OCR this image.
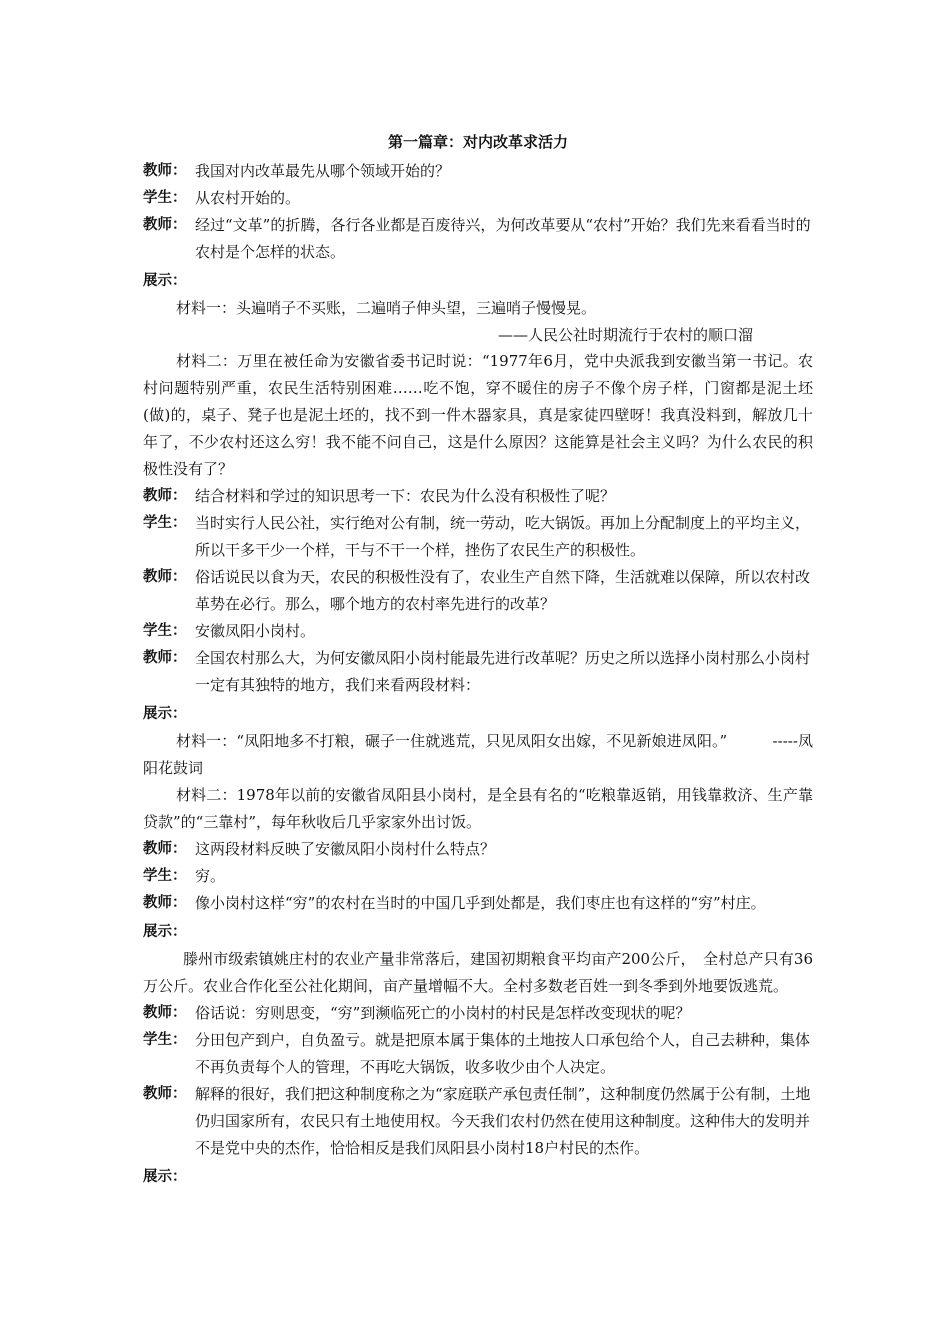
第一篇章：对内改革求活力

教师： 我国对内改革最先从哪个领域开始的？

学生： 从农村开始的。

教师： 经过“文革”的折腾，各行各业都是百废待兴，为何改革要从“农村”开始？我们先来看看当时的农村是个怎样的状态。

展示：

材料一：头遍哨子不买账，二遍哨子伸头望，三遍哨子慢慢晃。

——人民公社时期流行于农村的顺口溜

材料二：万里在被任命为安徽省委书记时说：“1977年6月，党中央派我到安徽当第一书记。农村问题特别严重，农民生活特别困难……吃不饱，穿不暖住的房子不像个房子样，门窗都是泥土坯(做)的，桌子、凳子也是泥土坯的，找不到一件木器家具，真是家徒四壁呀！我真没料到，解放几十年了，不少农村还这么穷！我不能不问自己，这是什么原因？这能算是社会主义吗？为什么农民的积极性没有了？

教师： 结合材料和学过的知识思考一下：农民为什么没有积极性了呢？

学生： 当时实行人民公社，实行绝对公有制，统一劳动，吃大锅饭。再加上分配制度上的平均主义，所以干多干少一个样，干与不干一个样，挫伤了农民生产的积极性。

教师： 俗话说民以食为天，农民的积极性没有了，农业生产自然下降，生活就难以保障，所以农村改革势在必行。那么，哪个地方的农村率先进行的改革？

学生： 安徽凤阳小岗村。

教师： 全国农村那么大，为何安徽凤阳小岗村能最先进行改革呢？历史之所以选择小岗村那么小岗村一定有其独特的地方，我们来看两段材料：

展示：

材料一：“凤阳地多不打粮，碾子一住就逃荒，只见凤阳女出嫁，不见新娘进凤阳。”　　　-----凤阳花鼓词

材料二：1978年以前的安徽省凤阳县小岗村，是全县有名的“吃粮靠返销，用钱靠救济、生产靠贷款”的“三靠村”，每年秋收后几乎家家外出讨饭。

教师： 这两段材料反映了安徽凤阳小岗村什么特点？

学生： 穷。

教师： 像小岗村这样“穷”的农村在当时的中国几乎到处都是，我们枣庄也有这样的“穷”村庄。

展示：

滕州市级索镇姚庄村的农业产量非常落后，建国初期粮食平均亩产200公斤，　全村总产只有36万公斤。农业合作化至公社化期间，亩产量增幅不大。全村多数老百姓一到冬季到外地要饭逃荒。

教师： 俗话说：穷则思变，“穷”到濒临死亡的小岗村的村民是怎样改变现状的呢？

学生： 分田包产到户，自负盈亏。就是把原本属于集体的土地按人口承包给个人，自己去耕种，集体不再负责每个人的管理，不再吃大锅饭，收多收少由个人决定。

教师： 解释的很好，我们把这种制度称之为“家庭联产承包责任制”，这种制度仍然属于公有制，土地仍归国家所有，农民只有土地使用权。今天我们农村仍然在使用这种制度。这种伟大的发明并不是党中央的杰作，恰恰相反是我们凤阳县小岗村18户村民的杰作。

展示：
